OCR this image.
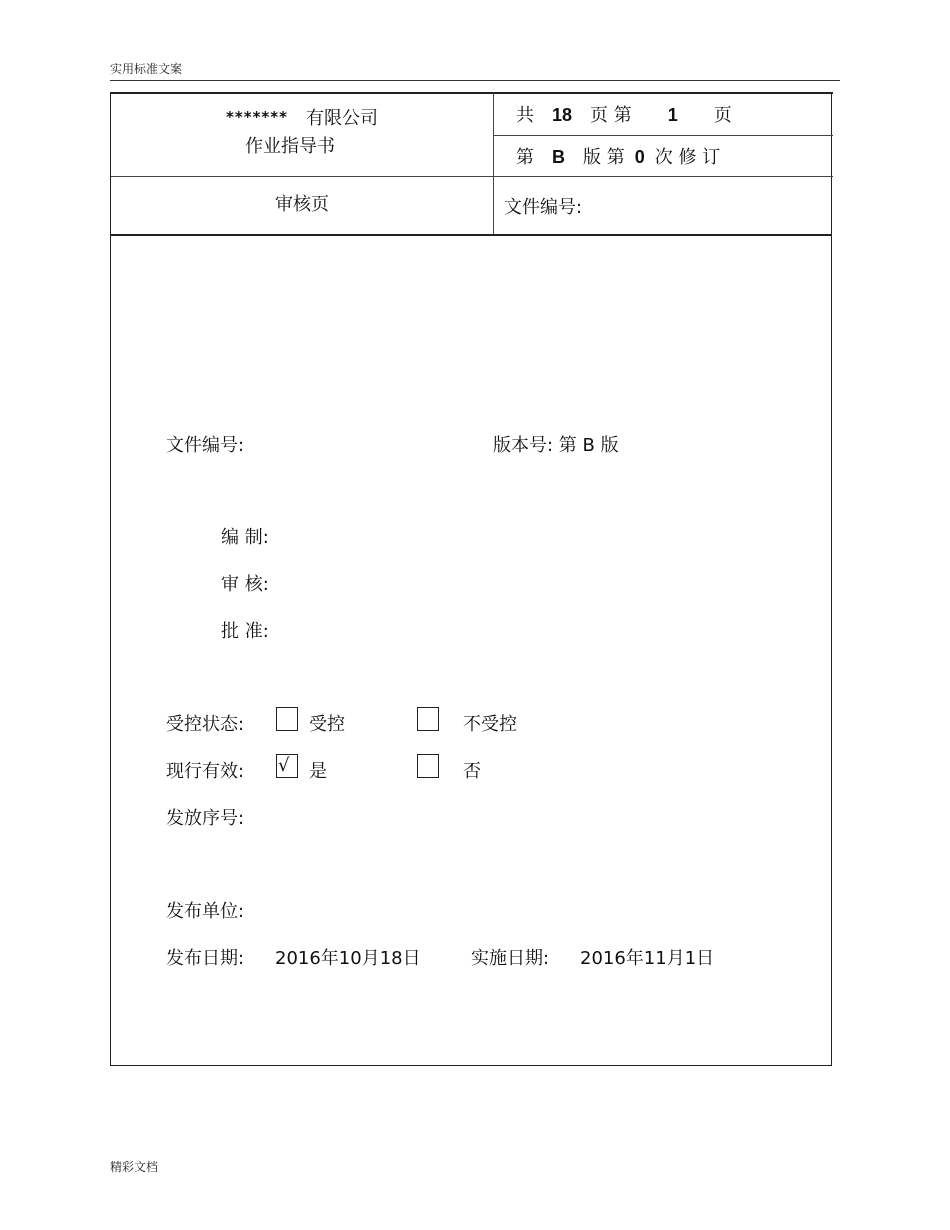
实用标准文案
******* 有限公司
作业指导书
审核页
共 18 页 第 1 页
第 B 版 第 0 次 修 订
文件编号:
文件编号:	版本号: 第 B 版
编 制:
审 核:
批 准:
受控状态:	受控	不受控
现行有效: √	是	否
发放序号:
发布单位:
发布日期: 2016年10月18日	实施日期: 2016年11月1日
精彩文档
